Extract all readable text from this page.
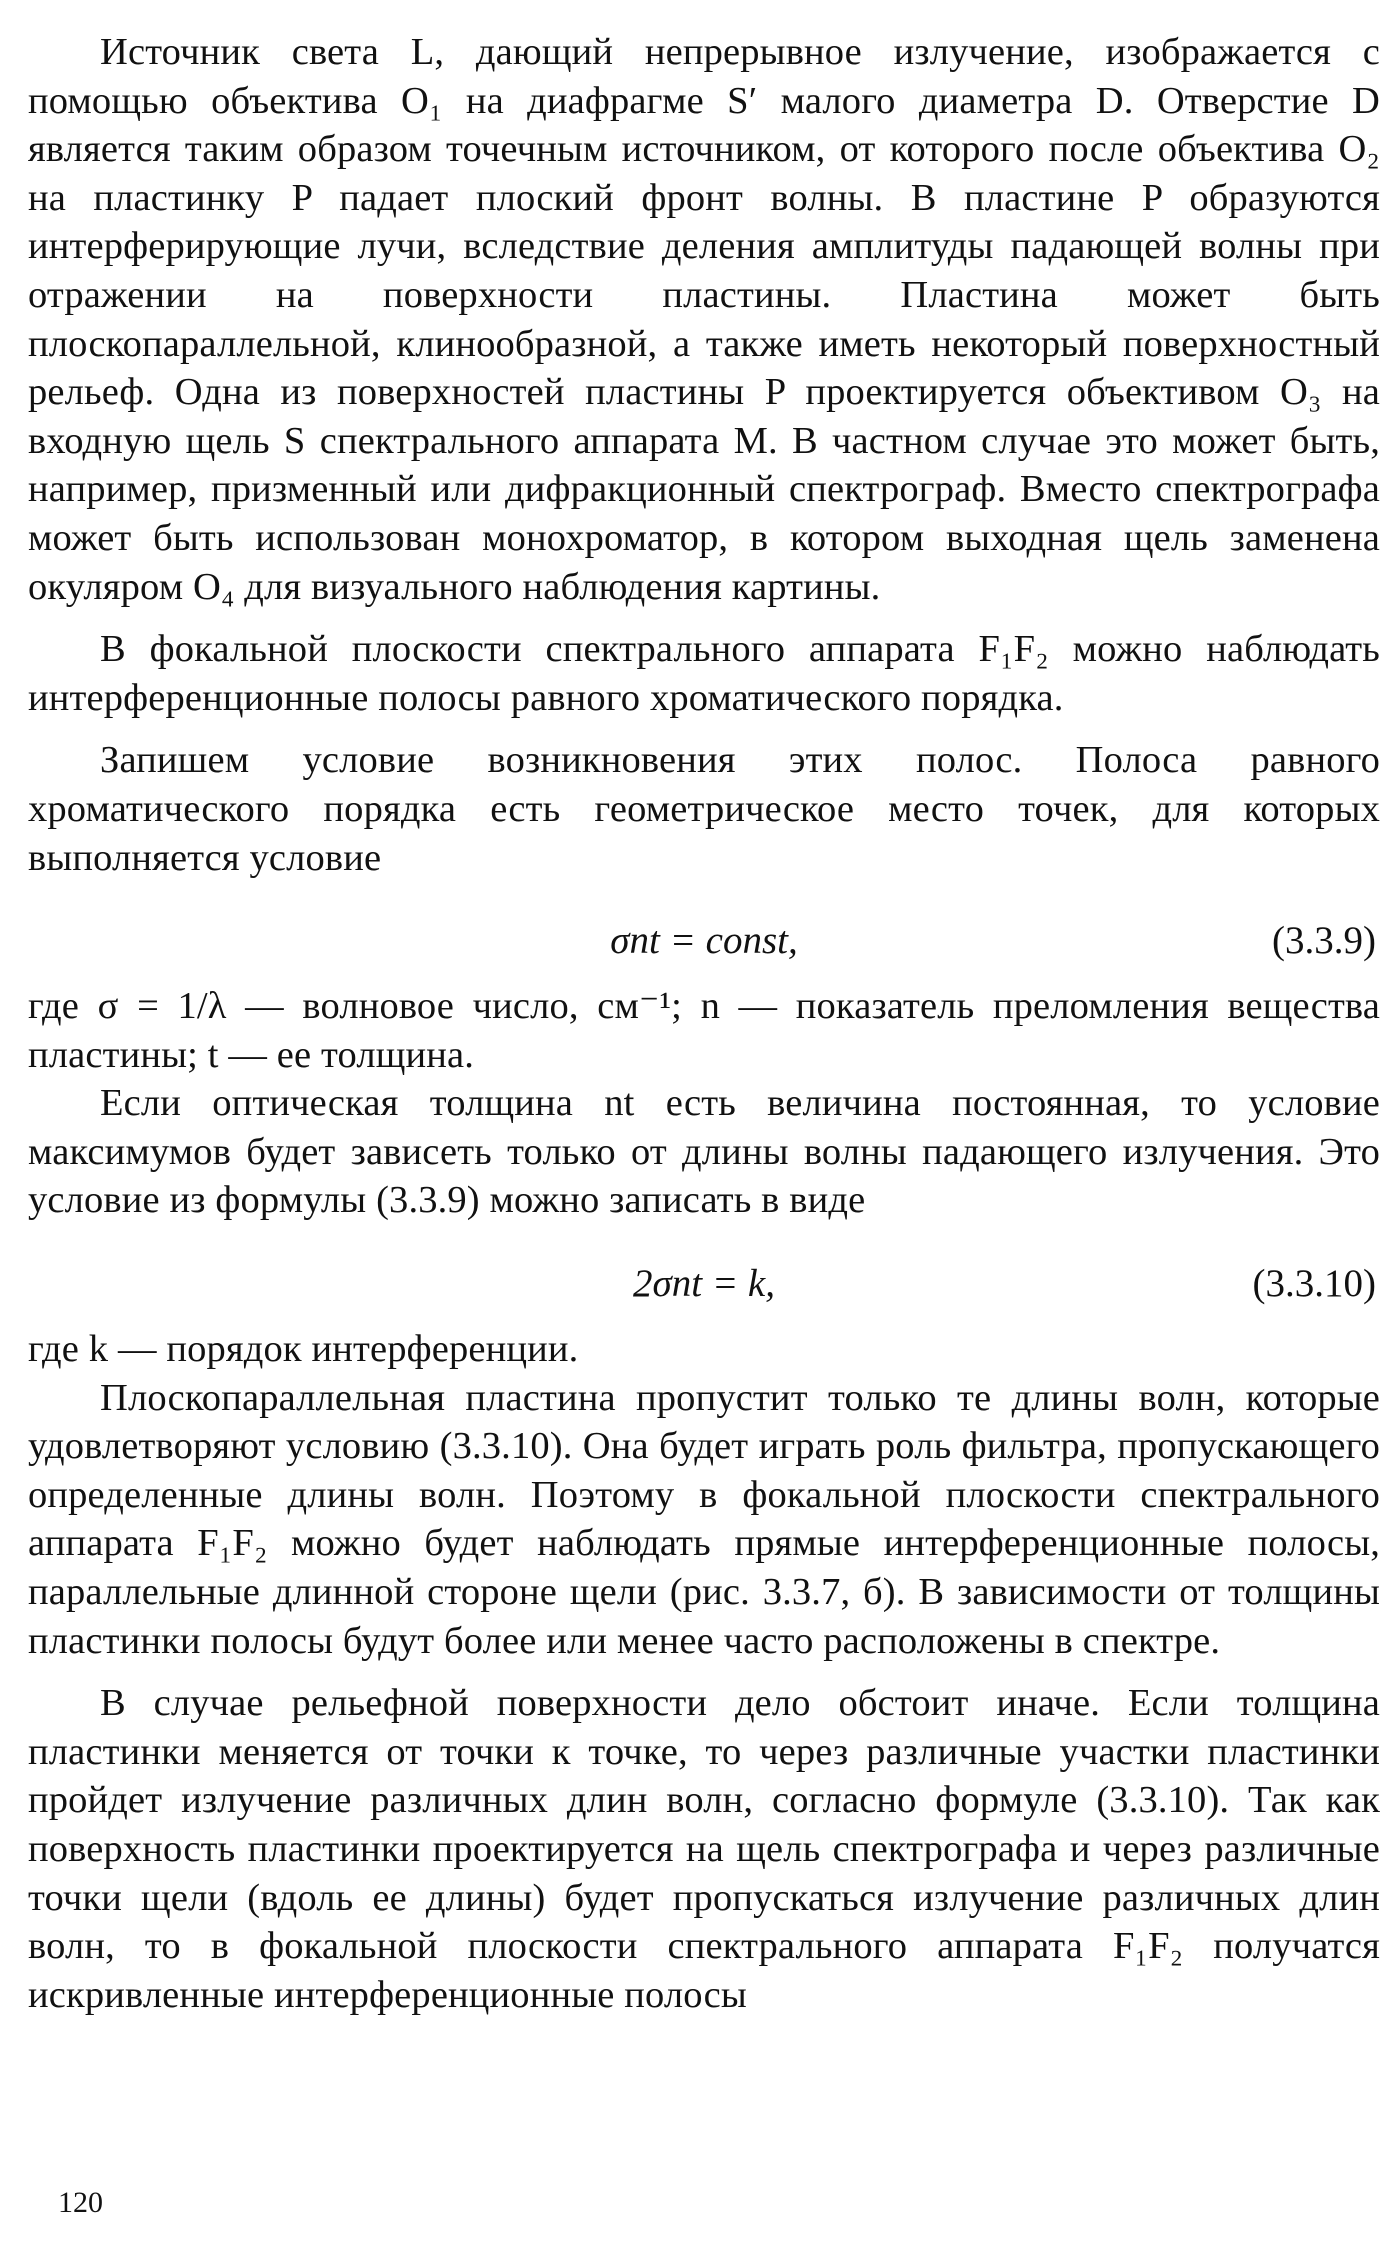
Источник света L, дающий непрерывное излучение, изображается с помощью объектива O₁ на диафрагме S′ малого диаметра D. Отверстие D является таким образом точечным источником, от которого после объектива O₂ на пластинку P падает плоский фронт волны. В пластине P образуются интерферирующие лучи, вследствие деления амплитуды падающей волны при отражении на поверхности пластины. Пластина может быть плоскопараллельной, клинообразной, а также иметь некоторый поверхностный рельеф. Одна из поверхностей пластины P проектируется объективом O₃ на входную щель S спектрального аппарата M. В частном случае это может быть, например, призменный или дифракционный спектрограф. Вместо спектрографа может быть использован монохроматор, в котором выходная щель заменена окуляром O₄ для визуального наблюдения картины.

В фокальной плоскости спектрального аппарата F₁F₂ можно наблюдать интерференционные полосы равного хроматического порядка.

Запишем условие возникновения этих полос. Полоса равного хроматического порядка есть геометрическое место точек, для которых выполняется условие

σnt = const,	(3.3.9)

где σ = 1/λ — волновое число, см⁻¹; n — показатель преломления вещества пластины; t — ее толщина.

Если оптическая толщина nt есть величина постоянная, то условие максимумов будет зависеть только от длины волны падающего излучения. Это условие из формулы (3.3.9) можно записать в виде

2σnt = k,	(3.3.10)

где k — порядок интерференции.

Плоскопараллельная пластина пропустит только те длины волн, которые удовлетворяют условию (3.3.10). Она будет играть роль фильтра, пропускающего определенные длины волн. Поэтому в фокальной плоскости спектрального аппарата F₁F₂ можно будет наблюдать прямые интерференционные полосы, параллельные длинной стороне щели (рис. 3.3.7, б). В зависимости от толщины пластинки полосы будут более или менее часто расположены в спектре.

В случае рельефной поверхности дело обстоит иначе. Если толщина пластинки меняется от точки к точке, то через различные участки пластинки пройдет излучение различных длин волн, согласно формуле (3.3.10). Так как поверхность пластинки проектируется на щель спектрографа и через различные точки щели (вдоль ее длины) будет пропускаться излучение различных длин волн, то в фокальной плоскости спектрального аппарата F₁F₂ получатся искривленные интерференционные полосы

120
